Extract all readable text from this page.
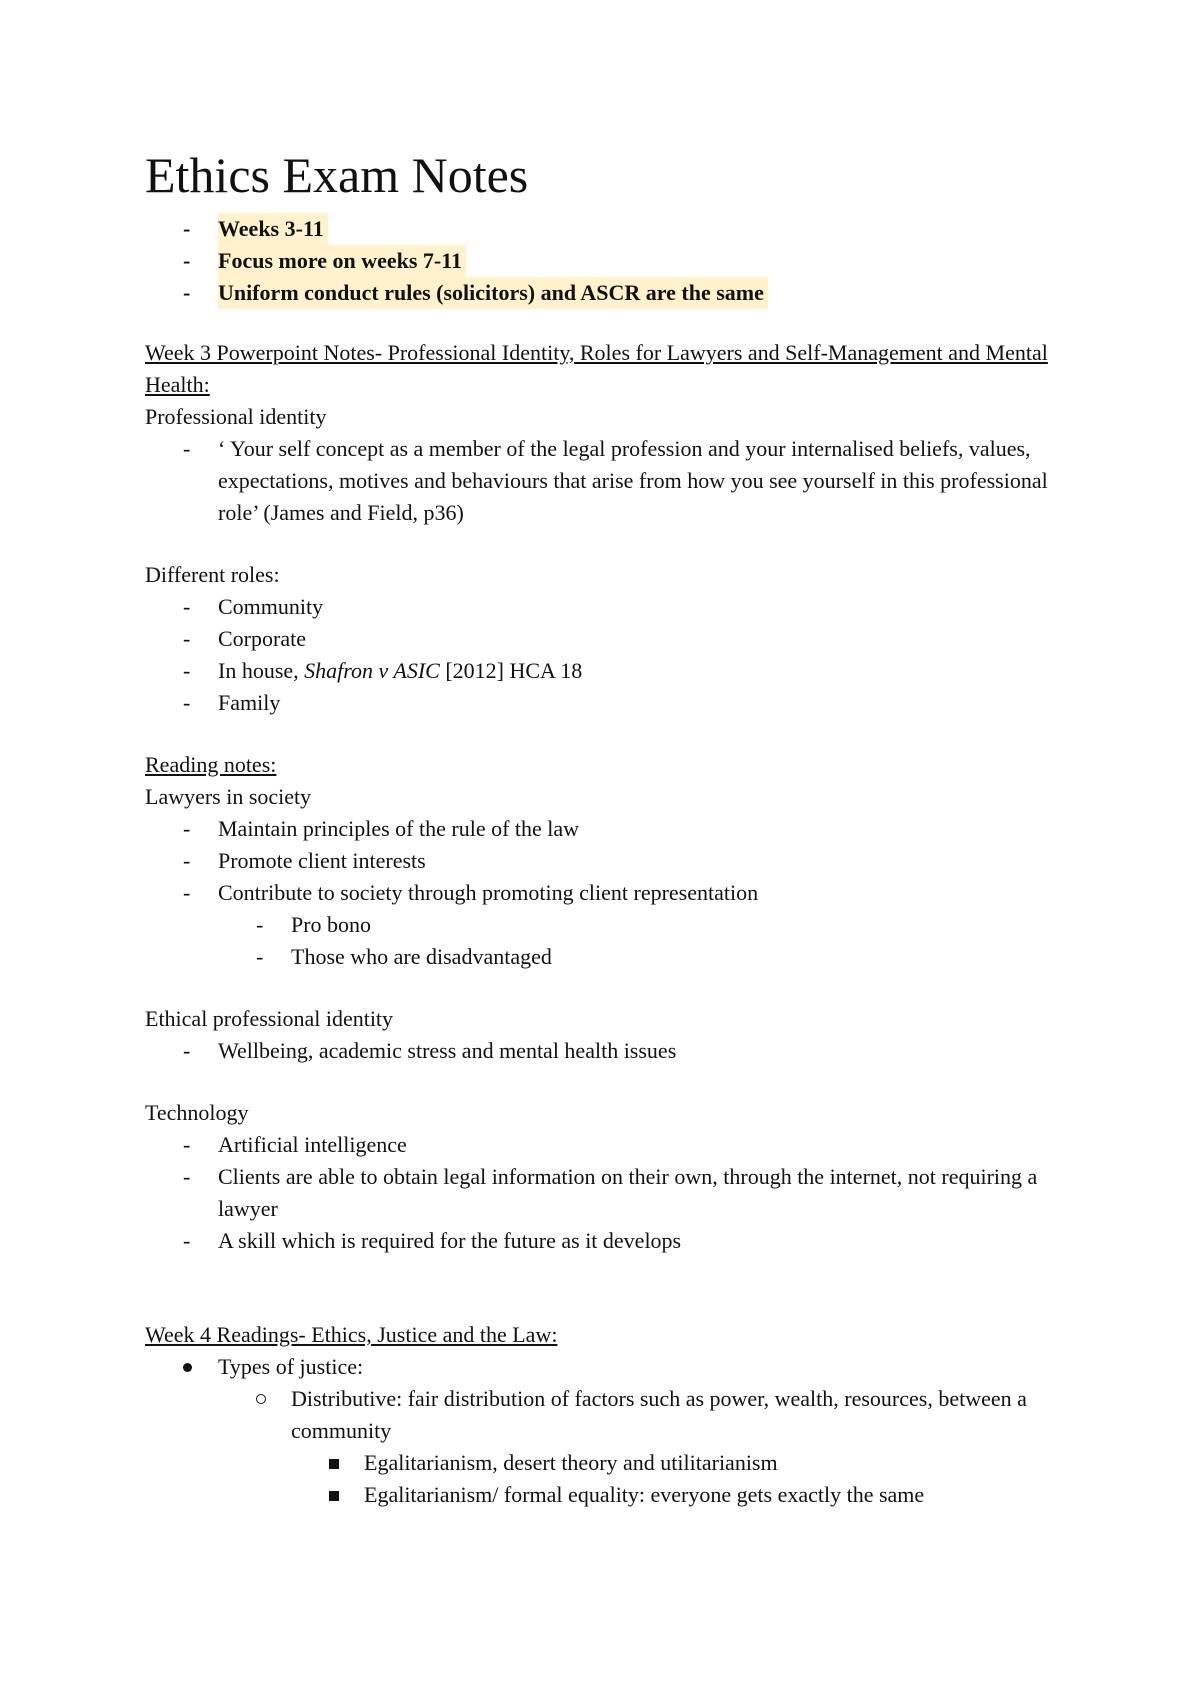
Ethics Exam Notes
- Weeks 3-11
- Focus more on weeks 7-11
- Uniform conduct rules (solicitors) and ASCR are the same

Week 3 Powerpoint Notes- Professional Identity, Roles for Lawyers and Self-Management and Mental Health:

Professional identity

- ‘ Your self concept as a member of the legal profession and your internalised beliefs, values, expectations, motives and behaviours that arise from how you see yourself in this professional role’ (James and Field, p36)

Different roles:

- Community
- Corporate
- In house, Shafron v ASIC [2012] HCA 18
- Family

Reading notes:

Lawyers in society

- Maintain principles of the rule of the law
- Promote client interests
- Contribute to society through promoting client representation
- Pro bono
- Those who are disadvantaged

Ethical professional identity

- Wellbeing, academic stress and mental health issues

Technology

- Artificial intelligence
- Clients are able to obtain legal information on their own, through the internet, not requiring a lawyer
- A skill which is required for the future as it develops

Week 4 Readings- Ethics, Justice and the Law:

Types of justice:
Distributive: fair distribution of factors such as power, wealth, resources, between a community
Egalitarianism, desert theory and utilitarianism
Egalitarianism/ formal equality: everyone gets exactly the same
